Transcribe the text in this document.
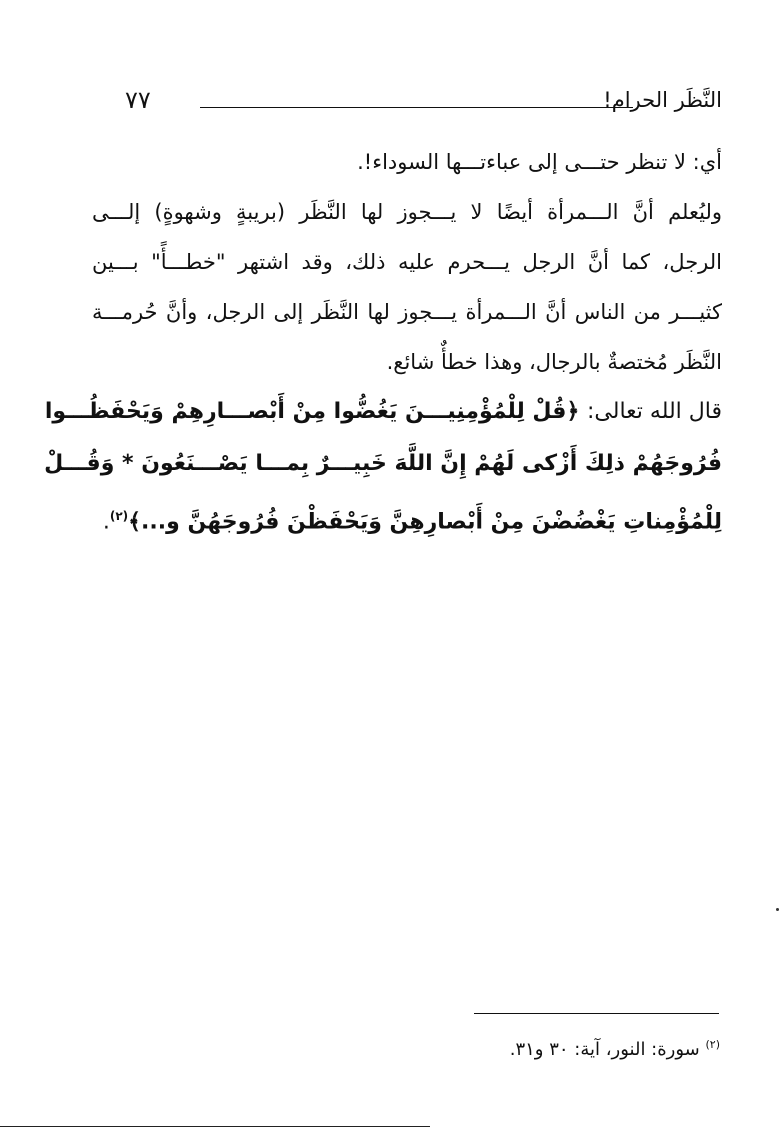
النَّظَر الحرام!
٧٧
أي: لا تنظر حتـــى إلى عباءتـــها السوداء!.
وليُعلم أنَّ الـــمرأة أيضًا لا يـــجوز لها النَّظَر (بريبةٍ وشهوةٍ) إلـــى
الرجل، كما أنَّ الرجل يـــحرم عليه ذلك، وقد اشتهر "خطـــأً" بـــين
كثيـــر من الناس أنَّ الـــمرأة يـــجوز لها النَّظَر إلى الرجل، وأنَّ حُرمـــة
النَّظَر مُختصةٌ بالرجال، وهذا خطأٌ شائع.
قال الله تعالى: ﴿قُلْ لِلْمُؤْمِنِيـــنَ يَغُضُّوا مِنْ أَبْصـــارِهِمْ وَيَحْفَظُـــوا
فُرُوجَهُمْ ذلِكَ أَزْكى لَهُمْ إِنَّ اللَّهَ خَبِيـــرٌ بِمـــا يَصْـــنَعُونَ * وَقُـــلْ
لِلْمُؤْمِناتِ يَغْضُضْنَ مِنْ أَبْصارِهِنَّ وَيَحْفَظْنَ فُرُوجَهُنَّ و...﴾$^{(٢)}$.
$^{(٢)}$ سورة: النور، آية: ٣٠ و٣١.
